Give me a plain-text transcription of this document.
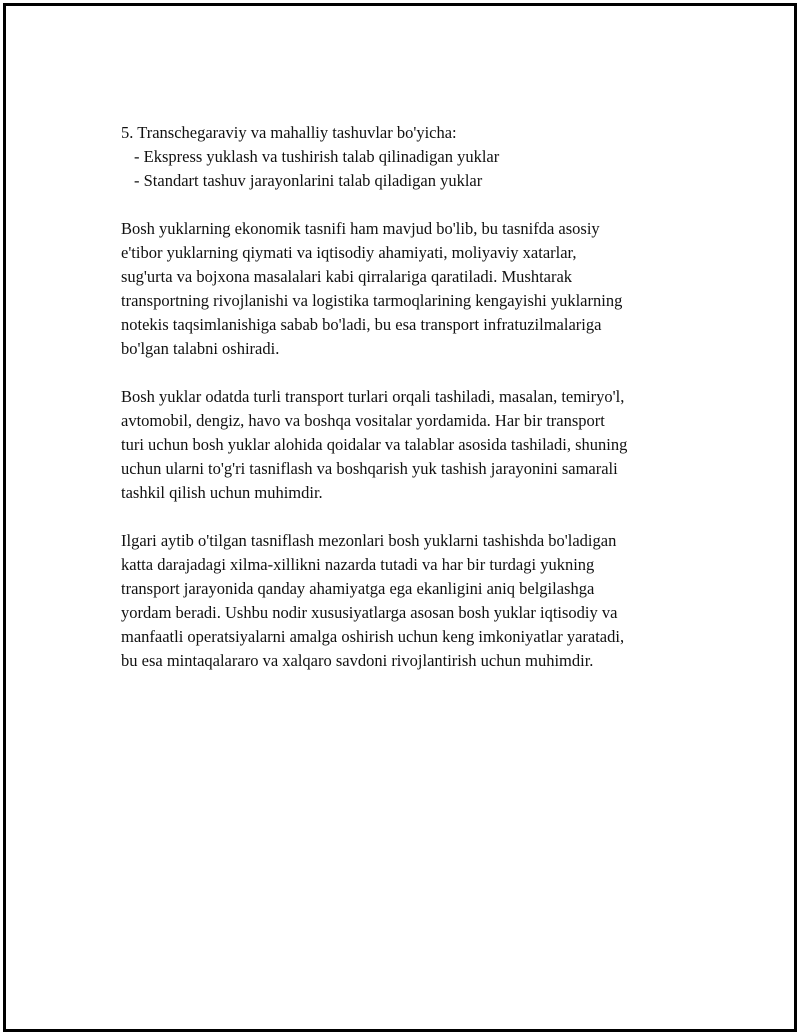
5. Transchegaraviy va mahalliy tashuvlar bo'yicha:
- Ekspress yuklash va tushirish talab qilinadigan yuklar
- Standart tashuv jarayonlarini talab qiladigan yuklar
Bosh yuklarning ekonomik tasnifi ham mavjud bo'lib, bu tasnifda asosiy
e'tibor yuklarning qiymati va iqtisodiy ahamiyati, moliyaviy xatarlar,
sug'urta va bojxona masalalari kabi qirralariga qaratiladi. Mushtarak
transportning rivojlanishi va logistika tarmoqlarining kengayishi yuklarning
notekis taqsimlanishiga sabab bo'ladi, bu esa transport infratuzilmalariga
bo'lgan talabni oshiradi.
Bosh yuklar odatda turli transport turlari orqali tashiladi, masalan, temiryo'l,
avtomobil, dengiz, havo va boshqa vositalar yordamida. Har bir transport
turi uchun bosh yuklar alohida qoidalar va talablar asosida tashiladi, shuning
uchun ularni to'g'ri tasniflash va boshqarish yuk tashish jarayonini samarali
tashkil qilish uchun muhimdir.
Ilgari aytib o'tilgan tasniflash mezonlari bosh yuklarni tashishda bo'ladigan
katta darajadagi xilma-xillikni nazarda tutadi va har bir turdagi yukning
transport jarayonida qanday ahamiyatga ega ekanligini aniq belgilashga
yordam beradi. Ushbu nodir xususiyatlarga asosan bosh yuklar iqtisodiy va
manfaatli operatsiyalarni amalga oshirish uchun keng imkoniyatlar yaratadi,
bu esa mintaqalararo va xalqaro savdoni rivojlantirish uchun muhimdir.
